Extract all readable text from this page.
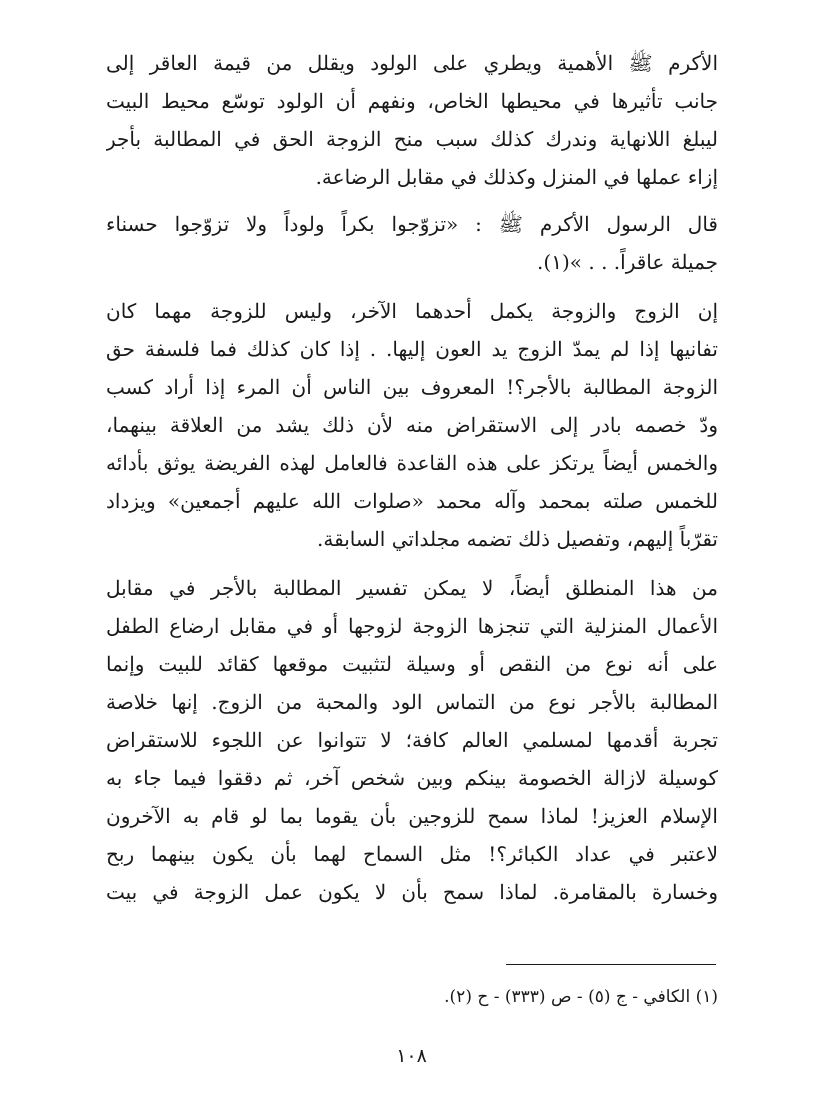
الأكرم ﷺ الأهمية ويطري على الولود ويقلل من قيمة العاقر إلى
جانب تأثيرها في محيطها الخاص، ونفهم أن الولود توسّع محيط البيت
ليبلغ اللانهاية وندرك كذلك سبب منح الزوجة الحق في المطالبة بأجر
إزاء عملها في المنزل وكذلك في مقابل الرضاعة.
قال الرسول الأكرم ﷺ : «تزوّجوا بكراً ولوداً ولا تزوّجوا حسناء
جميلة عاقراً. . . »(١).
إن الزوج والزوجة يكمل أحدهما الآخر، وليس للزوجة مهما كان
تفانيها إذا لم يمدّ الزوج يد العون إليها. . إذا كان كذلك فما فلسفة حق
الزوجة المطالبة بالأجر؟! المعروف بين الناس أن المرء إذا أراد كسب
ودّ خصمه بادر إلى الاستقراض منه لأن ذلك يشد من العلاقة بينهما،
والخمس أيضاً يرتكز على هذه القاعدة فالعامل لهذه الفريضة يوثق بأدائه
للخمس صلته بمحمد وآله محمد «صلوات الله عليهم أجمعين» ويزداد
تقرّباً إليهم، وتفصيل ذلك تضمه مجلداتي السابقة.
من هذا المنطلق أيضاً، لا يمكن تفسير المطالبة بالأجر في مقابل
الأعمال المنزلية التي تنجزها الزوجة لزوجها أو في مقابل ارضاع الطفل
على أنه نوع من النقص أو وسيلة لتثبيت موقعها كقائد للبيت وإنما
المطالبة بالأجر نوع من التماس الود والمحبة من الزوج. إنها خلاصة
تجربة أقدمها لمسلمي العالم كافة؛ لا تتوانوا عن اللجوء للاستقراض
كوسيلة لازالة الخصومة بينكم وبين شخص آخر، ثم دققوا فيما جاء به
الإسلام العزيز! لماذا سمح للزوجين بأن يقوما بما لو قام به الآخرون
لاعتبر في عداد الكبائر؟! مثل السماح لهما بأن يكون بينهما ربح
وخسارة بالمقامرة. لماذا سمح بأن لا يكون عمل الزوجة في بيت
(١) الكافي - ج (٥) - ص (٣٣٣) - ح (٢).
١٠٨
